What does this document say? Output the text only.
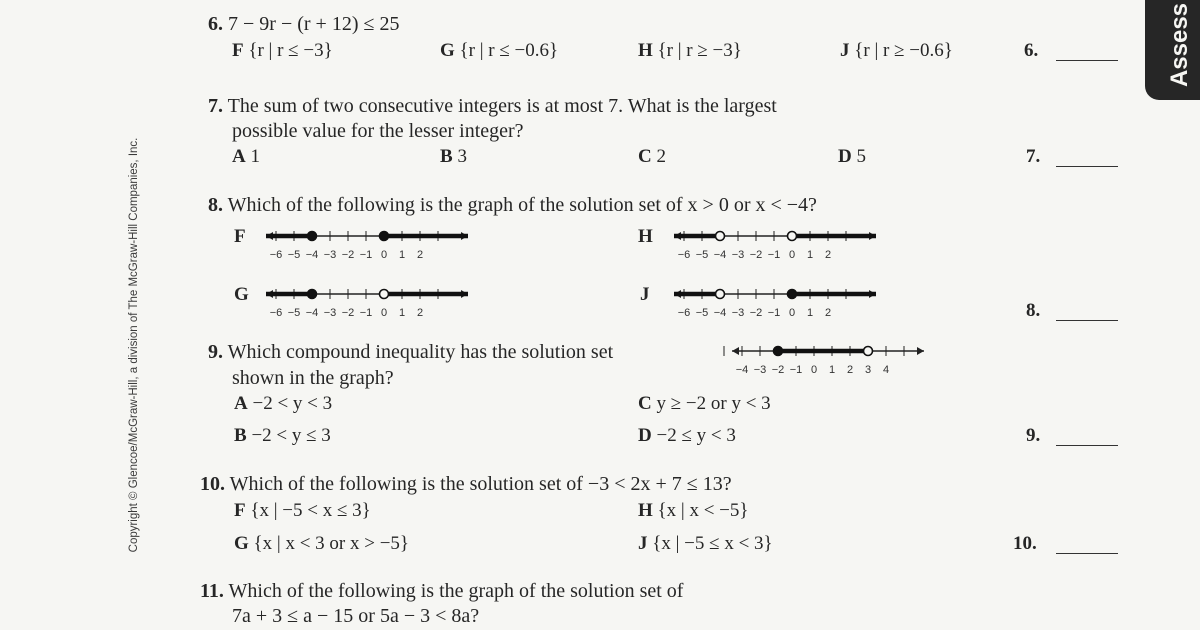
Assess
Copyright © Glencoe/McGraw-Hill, a division of The McGraw-Hill Companies, Inc.
6. 7 − 9r − (r + 12) ≤ 25
F {r | r ≤ −3}	G {r | r ≤ −0.6}	H {r | r ≥ −3}	J {r | r ≥ −0.6}	6.
7. The sum of two consecutive integers is at most 7. What is the largest
possible value for the lesser integer?
A 1	B 3	C 2	D 5	7.
8. Which of the following is the graph of the solution set of x > 0 or x < −4?
F
−6 −5 −4 −3 −2 −1 0 1 2
H
−6 −5 −4 −3 −2 −1 0 1 2
G
−6 −5 −4 −3 −2 −1 0 1 2
J
−6 −5 −4 −3 −2 −1 0 1 2	8.
9. Which compound inequality has the solution set
shown in the graph?	−4 −3 −2 −1 0 1 2 3 4
A −2 < y < 3	C y ≥ −2 or y < 3
B −2 < y ≤ 3	D −2 ≤ y < 3	9.
10. Which of the following is the solution set of −3 < 2x + 7 ≤ 13?
F {x | −5 < x ≤ 3}	H {x | x < −5}
G {x | x < 3 or x > −5}	J {x | −5 ≤ x < 3}	10.
11. Which of the following is the graph of the solution set of
7a + 3 ≤ a − 15 or 5a − 3 < 8a?
